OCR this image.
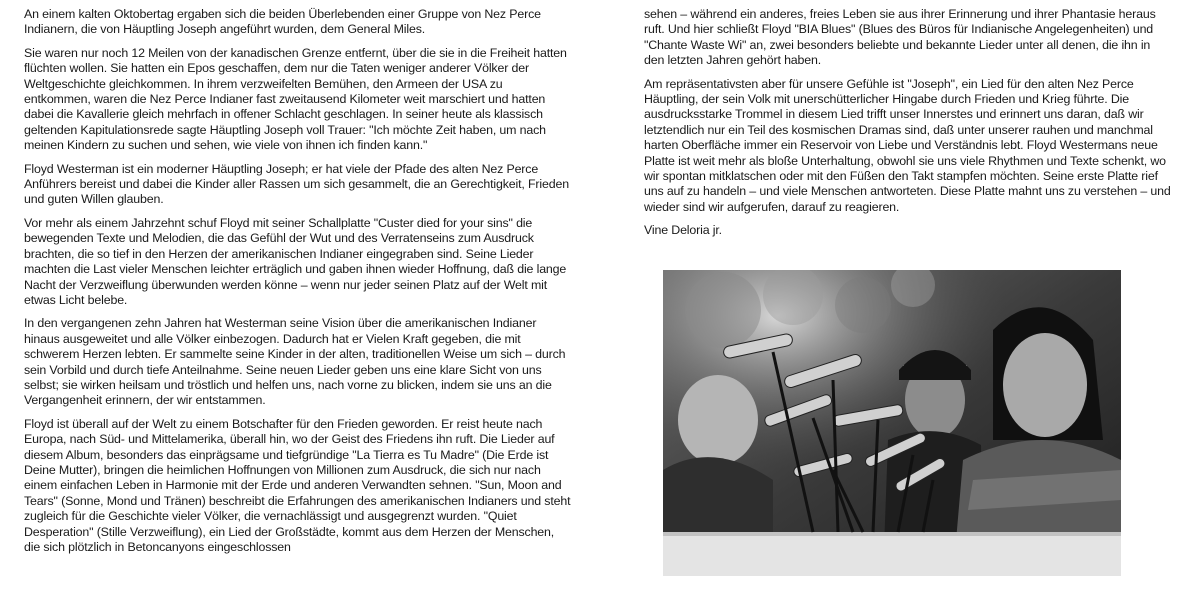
An einem kalten Oktobertag ergaben sich die beiden Überlebenden einer Gruppe von Nez Perce Indianern, die von Häuptling Joseph angeführt wurden, dem General Miles.

Sie waren nur noch 12 Meilen von der kanadischen Grenze entfernt, über die sie in die Freiheit hatten flüchten wollen. Sie hatten ein Epos geschaffen, dem nur die Taten weniger anderer Völker der Weltgeschichte gleichkommen. In ihrem verzweifelten Bemühen, den Armeen der USA zu entkommen, waren die Nez Perce Indianer fast zweitausend Kilometer weit marschiert und hatten dabei die Kavallerie gleich mehrfach in offener Schlacht geschlagen. In seiner heute als klassisch geltenden Kapitulationsrede sagte Häuptling Joseph voll Trauer: "Ich möchte Zeit haben, um nach meinen Kindern zu suchen und sehen, wie viele von ihnen ich finden kann."

Floyd Westerman ist ein moderner Häuptling Joseph; er hat viele der Pfade des alten Nez Perce Anführers bereist und dabei die Kinder aller Rassen um sich gesammelt, die an Gerechtigkeit, Frieden und guten Willen glauben.

Vor mehr als einem Jahrzehnt schuf Floyd mit seiner Schallplatte "Custer died for your sins" die bewegenden Texte und Melodien, die das Gefühl der Wut und des Verratenseins zum Ausdruck brachten, die so tief in den Herzen der amerikanischen Indianer eingegraben sind. Seine Lieder machten die Last vieler Menschen leichter erträglich und gaben ihnen wieder Hoffnung, daß die lange Nacht der Verzweiflung überwunden werden könne – wenn nur jeder seinen Platz auf der Welt mit etwas Licht belebe.

In den vergangenen zehn Jahren hat Westerman seine Vision über die amerikanischen Indianer hinaus ausgeweitet und alle Völker einbezogen. Dadurch hat er Vielen Kraft gegeben, die mit schwerem Herzen lebten. Er sammelte seine Kinder in der alten, traditionellen Weise um sich – durch sein Vorbild und durch tiefe Anteilnahme. Seine neuen Lieder geben uns eine klare Sicht von uns selbst; sie wirken heilsam und tröstlich und helfen uns, nach vorne zu blicken, indem sie uns an die Vergangenheit erinnern, der wir entstammen.

Floyd ist überall auf der Welt zu einem Botschafter für den Frieden geworden. Er reist heute nach Europa, nach Süd- und Mittelamerika, überall hin, wo der Geist des Friedens ihn ruft. Die Lieder auf diesem Album, besonders das einprägsame und tiefgründige "La Tierra es Tu Madre" (Die Erde ist Deine Mutter), bringen die heimlichen Hoffnungen von Millionen zum Ausdruck, die sich nur nach einem einfachen Leben in Harmonie mit der Erde und anderen Verwandten sehnen. "Sun, Moon and Tears" (Sonne, Mond und Tränen) beschreibt die Erfahrungen des amerikanischen Indianers und steht zugleich für die Geschichte vieler Völker, die vernachlässigt und ausgegrenzt wurden. "Quiet Desperation" (Stille Verzweiflung), ein Lied der Großstädte, kommt aus dem Herzen der Menschen, die sich plötzlich in Betoncanyons eingeschlossen

sehen – während ein anderes, freies Leben sie aus ihrer Erinnerung und ihrer Phantasie heraus ruft. Und hier schließt Floyd "BIA Blues" (Blues des Büros für Indianische Angelegenheiten) und "Chante Waste Wi" an, zwei besonders beliebte und bekannte Lieder unter all denen, die ihn in den letzten Jahren gehört haben.

Am repräsentativsten aber für unsere Gefühle ist "Joseph", ein Lied für den alten Nez Perce Häuptling, der sein Volk mit unerschütterlicher Hingabe durch Frieden und Krieg führte. Die ausdrucksstarke Trommel in diesem Lied trifft unser Innerstes und erinnert uns daran, daß wir letztendlich nur ein Teil des kosmischen Dramas sind, daß unter unserer rauhen und manchmal harten Oberfläche immer ein Reservoir von Liebe und Verständnis lebt. Floyd Westermans neue Platte ist weit mehr als bloße Unterhaltung, obwohl sie uns viele Rhythmen und Texte schenkt, wo wir spontan mitklatschen oder mit den Füßen den Takt stampfen möchten. Seine erste Platte rief uns auf zu handeln – und viele Menschen antworteten. Diese Platte mahnt uns zu verstehen – und wieder sind wir aufgerufen, darauf zu reagieren.

Vine Deloria jr.
